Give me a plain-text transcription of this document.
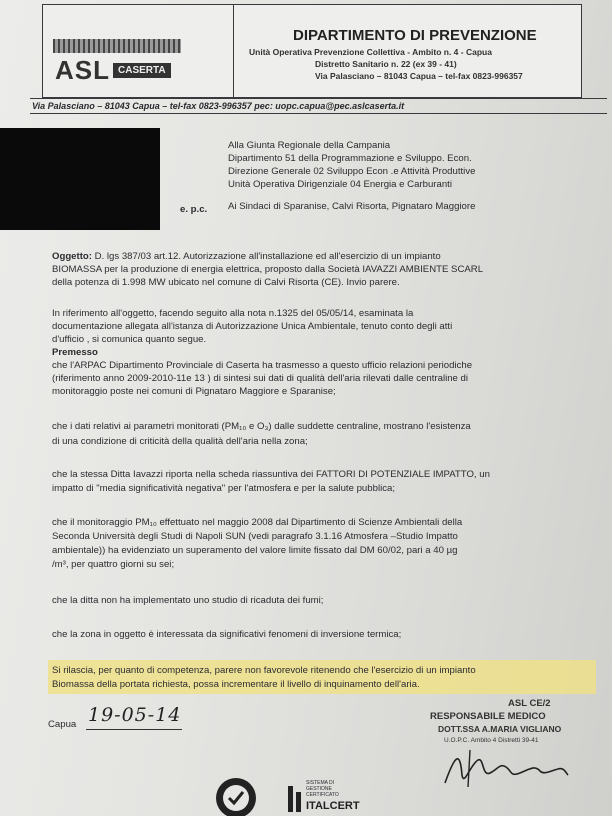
ASL CASERTA
DIPARTIMENTO DI PREVENZIONE
Unità Operativa Prevenzione Collettiva - Ambito n. 4 - Capua
Distretto Sanitario n. 22 (ex 39 - 41)
Via Palasciano – 81043 Capua – tel-fax 0823-996357
Via Palasciano – 81043 Capua – tel-fax 0823-996357 pec: uopc.capua@pec.aslcaserta.it
Alla Giunta Regionale della Campania
Dipartimento 51 della Programmazione e Sviluppo. Econ.
Direzione Generale 02 Sviluppo Econ .e Attività Produttive
Unità Operativa Dirigenziale 04 Energia e Carburanti
e. p.c. Ai Sindaci di Sparanise, Calvi Risorta, Pignataro Maggiore
Oggetto: D. lgs 387/03 art.12. Autorizzazione all'installazione ed all'esercizio di un impianto
BIOMASSA per la produzione di energia elettrica, proposto dalla Società IAVAZZI AMBIENTE SCARL
della potenza di 1.998 MW ubicato nel comune di Calvi Risorta (CE). Invio parere.
In riferimento all'oggetto, facendo seguito alla nota n.1325 del 05/05/14, esaminata la
documentazione allegata all'istanza di Autorizzazione Unica Ambientale, tenuto conto degli atti
d'ufficio , si comunica quanto segue.
Premesso
che l'ARPAC Dipartimento Provinciale di Caserta ha trasmesso a questo ufficio relazioni periodiche
(riferimento anno 2009-2010-11e 13 ) di sintesi sui dati di qualità dell'aria rilevati dalle centraline di
monitoraggio poste nei comuni di Pignataro Maggiore e Sparanise;
che i dati relativi ai parametri monitorati (PM₁₀ e O₃) dalle suddette centraline, mostrano l'esistenza
di una condizione di criticità della qualità dell'aria nella zona;
che la stessa Ditta Iavazzi riporta nella scheda riassuntiva dei FATTORI DI POTENZIALE IMPATTO, un
impatto di "media significatività negativa" per l'atmosfera e per la salute pubblica;
che il monitoraggio PM₁₀ effettuato nel maggio 2008 dal Dipartimento di Scienze Ambientali della
Seconda Università degli Studi di Napoli SUN (vedi paragrafo 3.1.16 Atmosfera –Studio Impatto
ambientale)) ha evidenziato un superamento del valore limite fissato dal DM 60/02, pari a 40 µg
/m³, per quattro giorni su sei;
che la ditta non ha implementato uno studio di ricaduta dei fumi;
che la zona in oggetto è interessata da significativi fenomeni di inversione termica;
Si rilascia, per quanto di competenza, parere non favorevole ritenendo che l'esercizio di un impianto
Biomassa della portata richiesta, possa incrementare il livello di inquinamento dell'aria.
Capua 19-05-14
ASL CE/2
RESPONSABILE MEDICO
DOTT.SSA A.MARIA VIGLIANO
U.O.P.C. Ambito 4 Distretti 39-41
SISTEMA DI GESTIONE CERTIFICATO
ITALCERT
